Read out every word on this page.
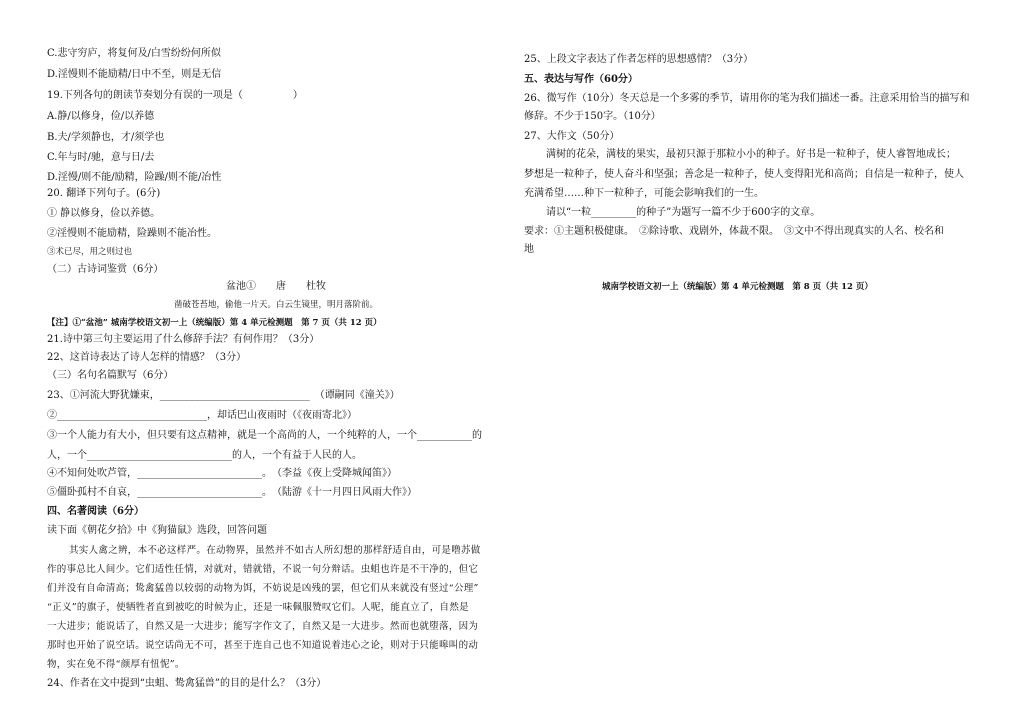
C.悲守穷庐，将复何及/白雪纷纷何所似
D.淫慢则不能励精/日中不至，则是无信
19.下列各句的朗读节奏划分有误的一项是（　　　　　）
A.静/以修身，俭/以养德
B.夫/学须静也，才/须学也
C.年与时/驰，意与日/去
D.淫慢/则不能/励精，险躁/则不能/冶性
20. 翻译下列句子。(6分)
① 静以修身，俭以养德。
②淫慢则不能励精，险躁则不能冶性。
③术已尽，用之则过也
（二）古诗词鉴赏（6分）
盆池①　　唐　　杜牧
凿破苍苔地，偷他一片天。白云生镜里，明月落阶前。
【注】①“盆池” 城南学校语文初一上（统编版）第 4 单元检测题　第 7 页（共 12 页）
21.诗中第三句主要运用了什么修辞手法？有何作用？（3分）
22、这首诗表达了诗人怎样的情感？（3分）
（三）名句名篇默写（6分）
23、①河流大野犹嫌束，______________________________　（谭嗣同《潼关》）
②______________________________，却话巴山夜雨时（《夜雨寄北》）
③一个人能力有大小，但只要有这点精神，就是一个高尚的人，一个纯粹的人，一个___________的
人，一个_____________________________的人，一个有益于人民的人。
④不知何处吹芦管，_________________________。　（李益《夜上受降城闻笛》）
⑤僵卧孤村不自哀，_________________________。　（陆游《十一月四日风雨大作》）
四、名著阅读（6分）
读下面《朝花夕拾》中《狗猫鼠》选段，回答问题
其实人禽之辨，本不必这样严。在动物界，虽然并不如古人所幻想的那样舒适自由，可是噜苏做
作的事总比人间少。它们适性任情，对就对，错就错，不说一句分辩话。虫蛆也许是不干净的，但它
们并没有自命清高；鸷禽猛兽以较弱的动物为饵，不妨说是凶残的罢，但它们从来就没有竖过“公理”
“正义”的旗子，使牺牲者直到被吃的时候为止，还是一味佩服赞叹它们。人呢，能直立了，自然是
一大进步；能说话了，自然又是一大进步；能写字作文了，自然又是一大进步。然而也就堕落，因为
那时也开始了说空话。说空话尚无不可，甚至于连自己也不知道说着违心之论，则对于只能嗥叫的动
物，实在免不得“颜厚有忸怩”。
24、作者在文中提到“虫蛆、鸷禽猛兽”的目的是什么？（3分）
25、上段文字表达了作者怎样的思想感情？（3分）
五、表达与写作（60分）
26、微写作（10分）冬天总是一个多雾的季节，请用你的笔为我们描述一番。注意采用恰当的描写和
修辞。不少于150字。（10分）
27、大作文（50分）
满树的花朵，满枝的果实，最初只源于那粒小小的种子。好书是一粒种子，使人睿智地成长；
梦想是一粒种子，使人奋斗和坚强；善念是一粒种子，使人变得阳光和高尚；自信是一粒种子，使人
充满希望……种下一粒种子，可能会影响我们的一生。
请以“一粒_________的种子”为题写一篇不少于600字的文章。
要求：①主题积极健康。　②除诗歌、戏剧外，体裁不限。　③文中不得出现真实的人名、校名和
地
城南学校语文初一上（统编版）第 4 单元检测题　第 8 页（共 12 页）
